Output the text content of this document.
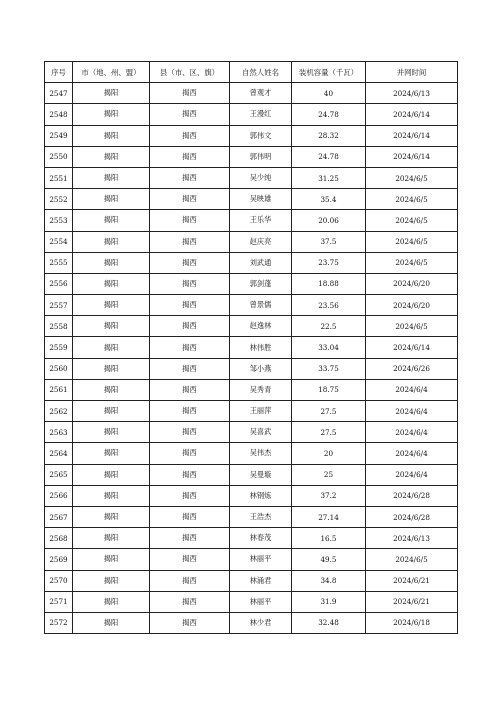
序号	市（地、州、盟）	县（市、区、旗）	自然人姓名	装机容量（千瓦）	并网时间
2547	揭阳	揭西	曾观才	40	2024/6/13
2548	揭阳	揭西	王漫红	24.78	2024/6/14
2549	揭阳	揭西	郭伟文	28.32	2024/6/14
2550	揭阳	揭西	郭伟明	24.78	2024/6/14
2551	揭阳	揭西	吴少纯	31.25	2024/6/5
2552	揭阳	揭西	吴映雄	35.4	2024/6/5
2553	揭阳	揭西	王乐华	20.06	2024/6/5
2554	揭阳	揭西	赵庆亮	37.5	2024/6/5
2555	揭阳	揭西	刘武通	23.75	2024/6/5
2556	揭阳	揭西	郭剑蓬	18.88	2024/6/20
2557	揭阳	揭西	曾景儒	23.56	2024/6/20
2558	揭阳	揭西	赵逸林	22.5	2024/6/5
2559	揭阳	揭西	林伟胜	33.04	2024/6/14
2560	揭阳	揭西	邹小燕	33.75	2024/6/26
2561	揭阳	揭西	吴秀青	18.75	2024/6/4
2562	揭阳	揭西	王丽萍	27.5	2024/6/4
2563	揭阳	揭西	吴喜武	27.5	2024/6/4
2564	揭阳	揭西	吴伟杰	20	2024/6/4
2565	揭阳	揭西	吴曼璇	25	2024/6/4
2566	揭阳	揭西	林钢炼	37.2	2024/6/28
2567	揭阳	揭西	王浩杰	27.14	2024/6/28
2568	揭阳	揭西	林春茂	16.5	2024/6/13
2569	揭阳	揭西	林丽平	49.5	2024/6/5
2570	揭阳	揭西	林涌君	34.8	2024/6/21
2571	揭阳	揭西	林丽平	31.9	2024/6/21
2572	揭阳	揭西	林少君	32.48	2024/6/18
